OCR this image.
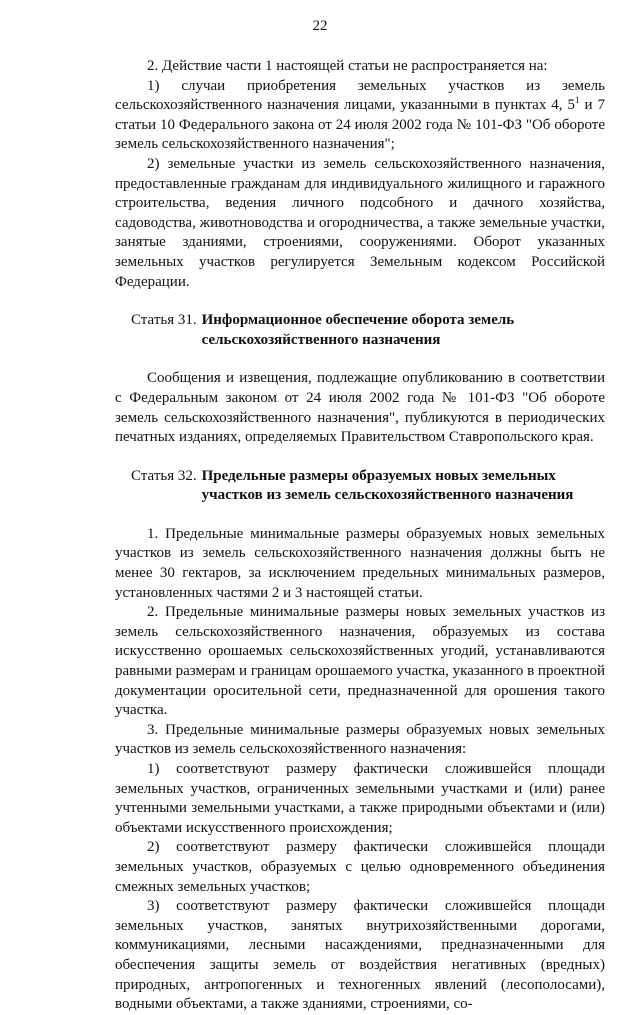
22

2. Действие части 1 настоящей статьи не распространяется на:

1) случаи приобретения земельных участков из земель сельскохозяйственного назначения лицами, указанными в пунктах 4, $5^1$ и 7 статьи 10 Федерального закона от 24 июля 2002 года № 101-ФЗ "Об обороте земель сельскохозяйственного назначения";

2) земельные участки из земель сельскохозяйственного назначения, предоставленные гражданам для индивидуального жилищного и гаражного строительства, ведения личного подсобного и дачного хозяйства, садоводства, животноводства и огородничества, а также земельные участки, занятые зданиями, строениями, сооружениями. Оборот указанных земельных участков регулируется Земельным кодексом Российской Федерации.

Статья 31. Информационное обеспечение оборота земель
сельскохозяйственного назначения

Сообщения и извещения, подлежащие опубликованию в соответствии с Федеральным законом от 24 июля 2002 года № 101-ФЗ "Об обороте земель сельскохозяйственного назначения", публикуются в периодических печатных изданиях, определяемых Правительством Ставропольского края.

Статья 32. Предельные размеры образуемых новых земельных
участков из земель сельскохозяйственного назначения

1. Предельные минимальные размеры образуемых новых земельных участков из земель сельскохозяйственного назначения должны быть не менее 30 гектаров, за исключением предельных минимальных размеров, установленных частями 2 и 3 настоящей статьи.

2. Предельные минимальные размеры новых земельных участков из земель сельскохозяйственного назначения, образуемых из состава искусственно орошаемых сельскохозяйственных угодий, устанавливаются равными размерам и границам орошаемого участка, указанного в проектной документации оросительной сети, предназначенной для орошения такого участка.

3. Предельные минимальные размеры образуемых новых земельных участков из земель сельскохозяйственного назначения:

1) соответствуют размеру фактически сложившейся площади земельных участков, ограниченных земельными участками и (или) ранее учтенными земельными участками, а также природными объектами и (или) объектами искусственного происхождения;

2) соответствуют размеру фактически сложившейся площади земельных участков, образуемых с целью одновременного объединения смежных земельных участков;

3) соответствуют размеру фактически сложившейся площади земельных участков, занятых внутрихозяйственными дорогами, коммуникациями, лесными насаждениями, предназначенными для обеспечения защиты земель от воздействия негативных (вредных) природных, антропогенных и техногенных явлений (лесополосами), водными объектами, а также зданиями, строениями, со-
